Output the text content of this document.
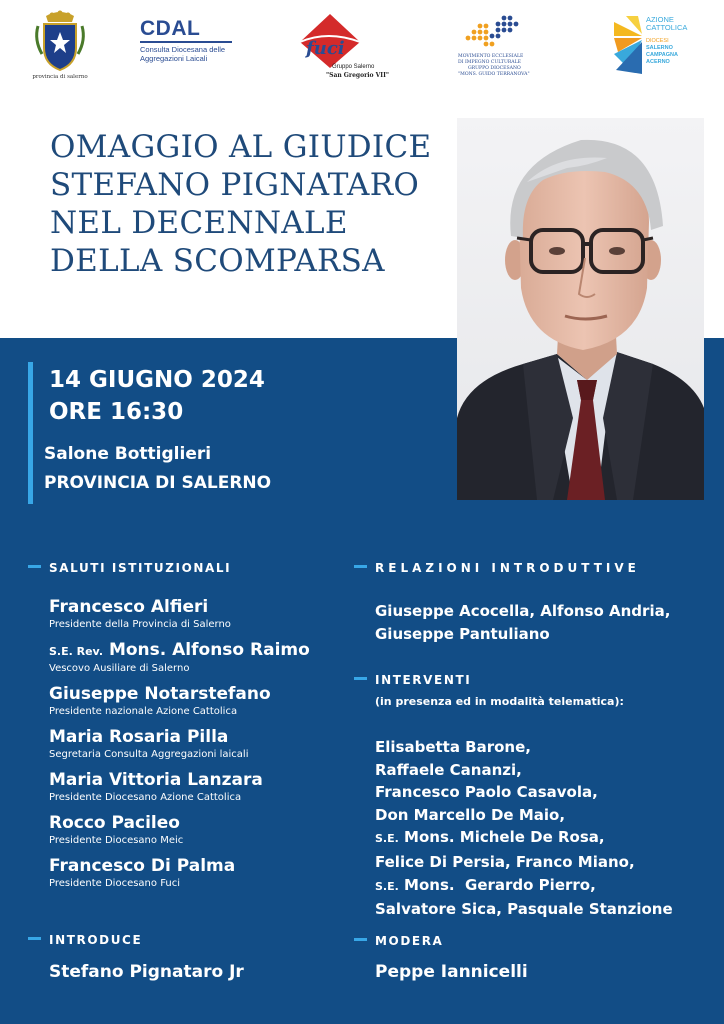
provincia di salerno
CDAL
Consulta Diocesana delle
Aggregazioni Laicali	fuci
Gruppo Salerno
"San Gregorio VII"
MOVIMENTO ECCLESIALE
DI IMPEGNO CULTURALE
GRUPPO DIOCESANO
"MONS. GUIDO TERRANOVA"
AZIONE
CATTOLICA
DIOCESI
SALERNO
CAMPAGNA
ACERNO
OMAGGIO AL GIUDICE
STEFANO PIGNATARO
NEL DECENNALE
DELLA SCOMPARSA
14 GIUGNO 2024
ORE 16:30
Salone Bottiglieri
PROVINCIA DI SALERNO
SALUTI ISTITUZIONALI
Francesco Alfieri
Presidente della Provincia di Salerno
S.E. Rev. Mons. Alfonso Raimo
Vescovo Ausiliare di Salerno
Giuseppe Notarstefano
Presidente nazionale Azione Cattolica
Maria Rosaria Pilla
Segretaria Consulta Aggregazioni laicali
Maria Vittoria Lanzara
Presidente Diocesano Azione Cattolica
Rocco Pacileo
Presidente Diocesano Meic
Francesco Di Palma
Presidente Diocesano Fuci
RELAZIONI INTRODUTTIVE
Giuseppe Acocella, Alfonso Andria,
Giuseppe Pantuliano
INTERVENTI
(in presenza ed in modalità telematica):
Elisabetta Barone,
Raffaele Cananzi,
Francesco Paolo Casavola,
Don Marcello De Maio,
S.E. Mons. Michele De Rosa,
Felice Di Persia, Franco Miano,
S.E. Mons.  Gerardo Pierro,
Salvatore Sica, Pasquale Stanzione
INTRODUCE
Stefano Pignataro Jr
MODERA
Peppe Iannicelli
